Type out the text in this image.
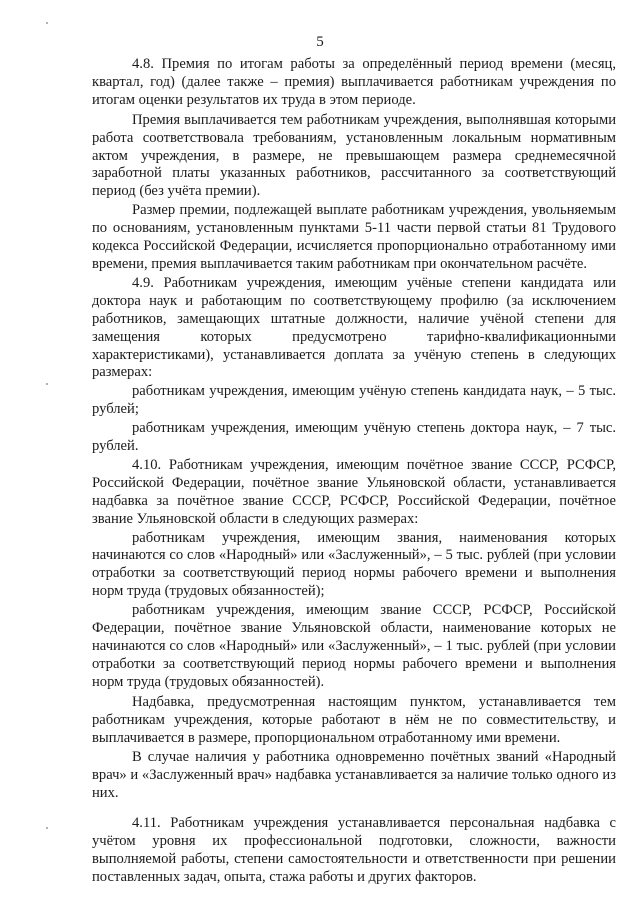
5

4.8. Премия по итогам работы за определённый период времени (месяц, квартал, год) (далее также – премия) выплачивается работникам учреждения по итогам оценки результатов их труда в этом периоде.

Премия выплачивается тем работникам учреждения, выполнявшая которыми работа соответствовала требованиям, установленным локальным нормативным актом учреждения, в размере, не превышающем размера среднемесячной заработной платы указанных работников, рассчитанного за соответствующий период (без учёта премии).

Размер премии, подлежащей выплате работникам учреждения, увольняемым по основаниям, установленным пунктами 5-11 части первой статьи 81 Трудового кодекса Российской Федерации, исчисляется пропорционально отработанному ими времени, премия выплачивается таким работникам при окончательном расчёте.

4.9. Работникам учреждения, имеющим учёные степени кандидата или доктора наук и работающим по соответствующему профилю (за исключением работников, замещающих штатные должности, наличие учёной степени для замещения которых предусмотрено тарифно-квалификационными характеристиками), устанавливается доплата за учёную степень в следующих размерах:

работникам учреждения, имеющим учёную степень кандидата наук, – 5 тыс. рублей;

работникам учреждения, имеющим учёную степень доктора наук, – 7 тыс. рублей.

4.10. Работникам учреждения, имеющим почётное звание СССР, РСФСР, Российской Федерации, почётное звание Ульяновской области, устанавливается надбавка за почётное звание СССР, РСФСР, Российской Федерации, почётное звание Ульяновской области в следующих размерах:

работникам учреждения, имеющим звания, наименования которых начинаются со слов «Народный» или «Заслуженный», – 5 тыс. рублей (при условии отработки за соответствующий период нормы рабочего времени и выполнения норм труда (трудовых обязанностей);

работникам учреждения, имеющим звание СССР, РСФСР, Российской Федерации, почётное звание Ульяновской области, наименование которых не начинаются со слов «Народный» или «Заслуженный», – 1 тыс. рублей (при условии отработки за соответствующий период нормы рабочего времени и выполнения норм труда (трудовых обязанностей).

Надбавка, предусмотренная настоящим пунктом, устанавливается тем работникам учреждения, которые работают в нём не по совместительству, и выплачивается в размере, пропорциональном отработанному ими времени.

В случае наличия у работника одновременно почётных званий «Народный врач» и «Заслуженный врач» надбавка устанавливается за наличие только одного из них.

4.11. Работникам учреждения устанавливается персональная надбавка с учётом уровня их профессиональной подготовки, сложности, важности выполняемой работы, степени самостоятельности и ответственности при решении поставленных задач, опыта, стажа работы и других факторов.
